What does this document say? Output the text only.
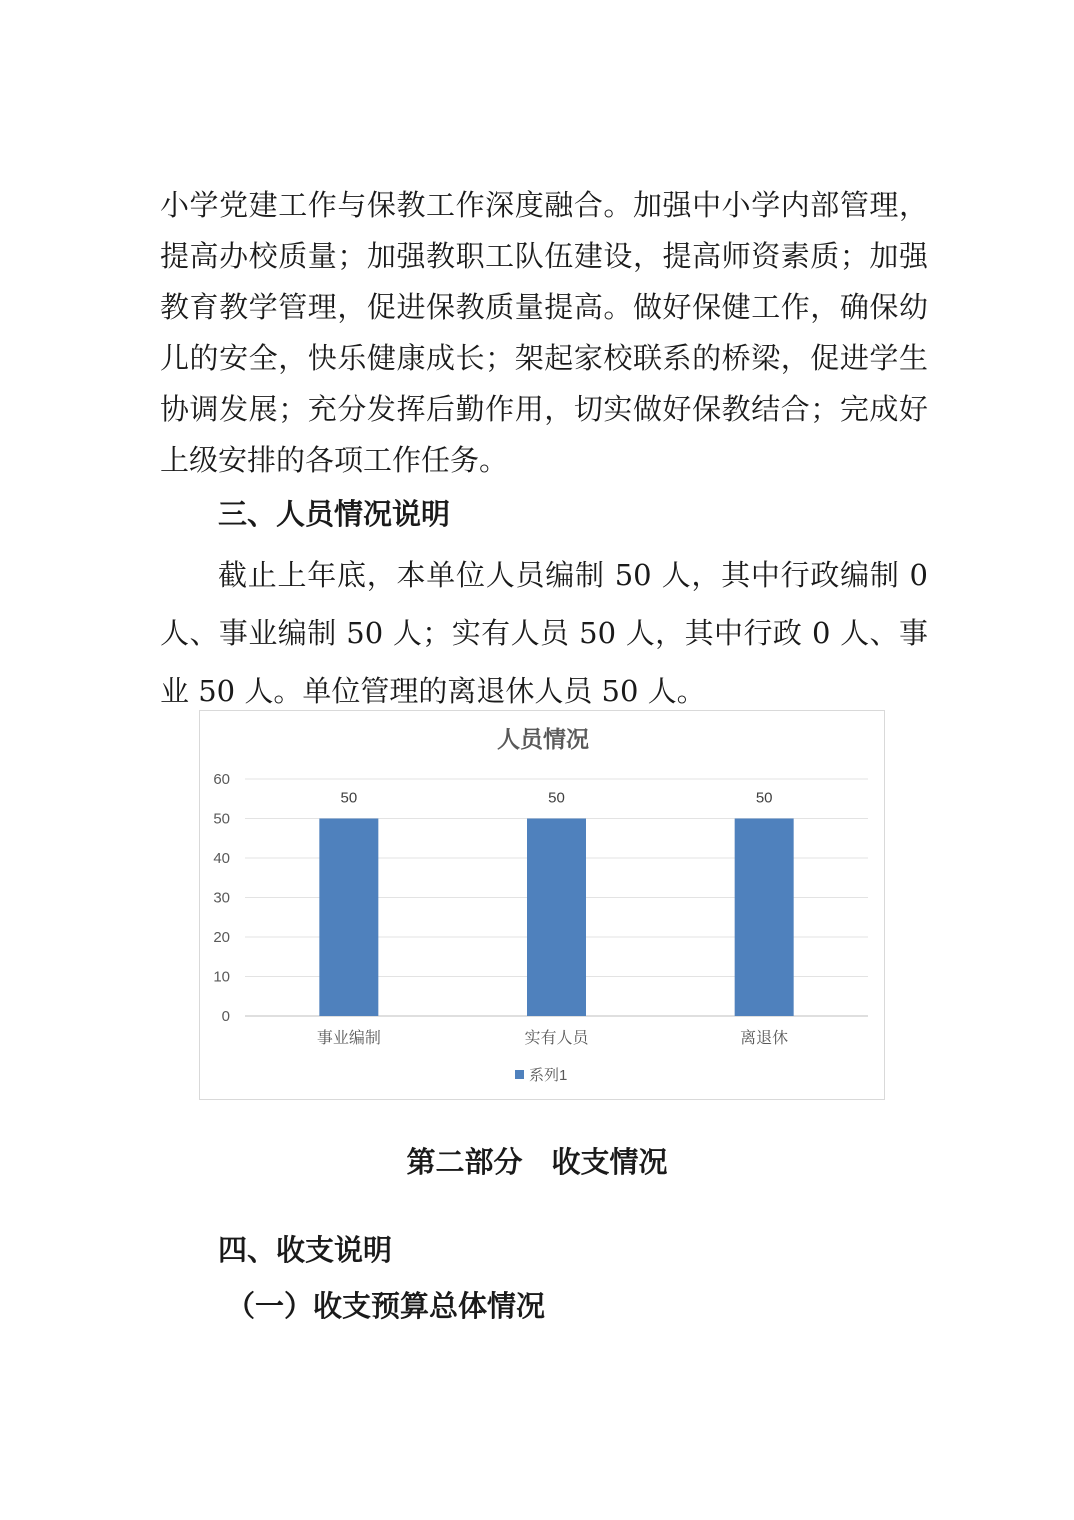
小学党建工作与保教工作深度融合。加强中小学内部管理，提高办校质量；加强教职工队伍建设，提高师资素质；加强教育教学管理，促进保教质量提高。做好保健工作，确保幼儿的安全，快乐健康成长；架起家校联系的桥梁，促进学生协调发展；充分发挥后勤作用，切实做好保教结合；完成好上级安排的各项工作任务。

三、人员情况说明

截止上年底，本单位人员编制 50 人，其中行政编制 0 人、事业编制 50 人；实有人员 50 人，其中行政 0 人、事业 50 人。单位管理的离退休人员 50 人。

人员情况
0
10
20
30
40
50
60
50	50	50
事业编制	实有人员	离退休
系列1
第二部分　收支情况
四、收支说明
（一）收支预算总体情况
